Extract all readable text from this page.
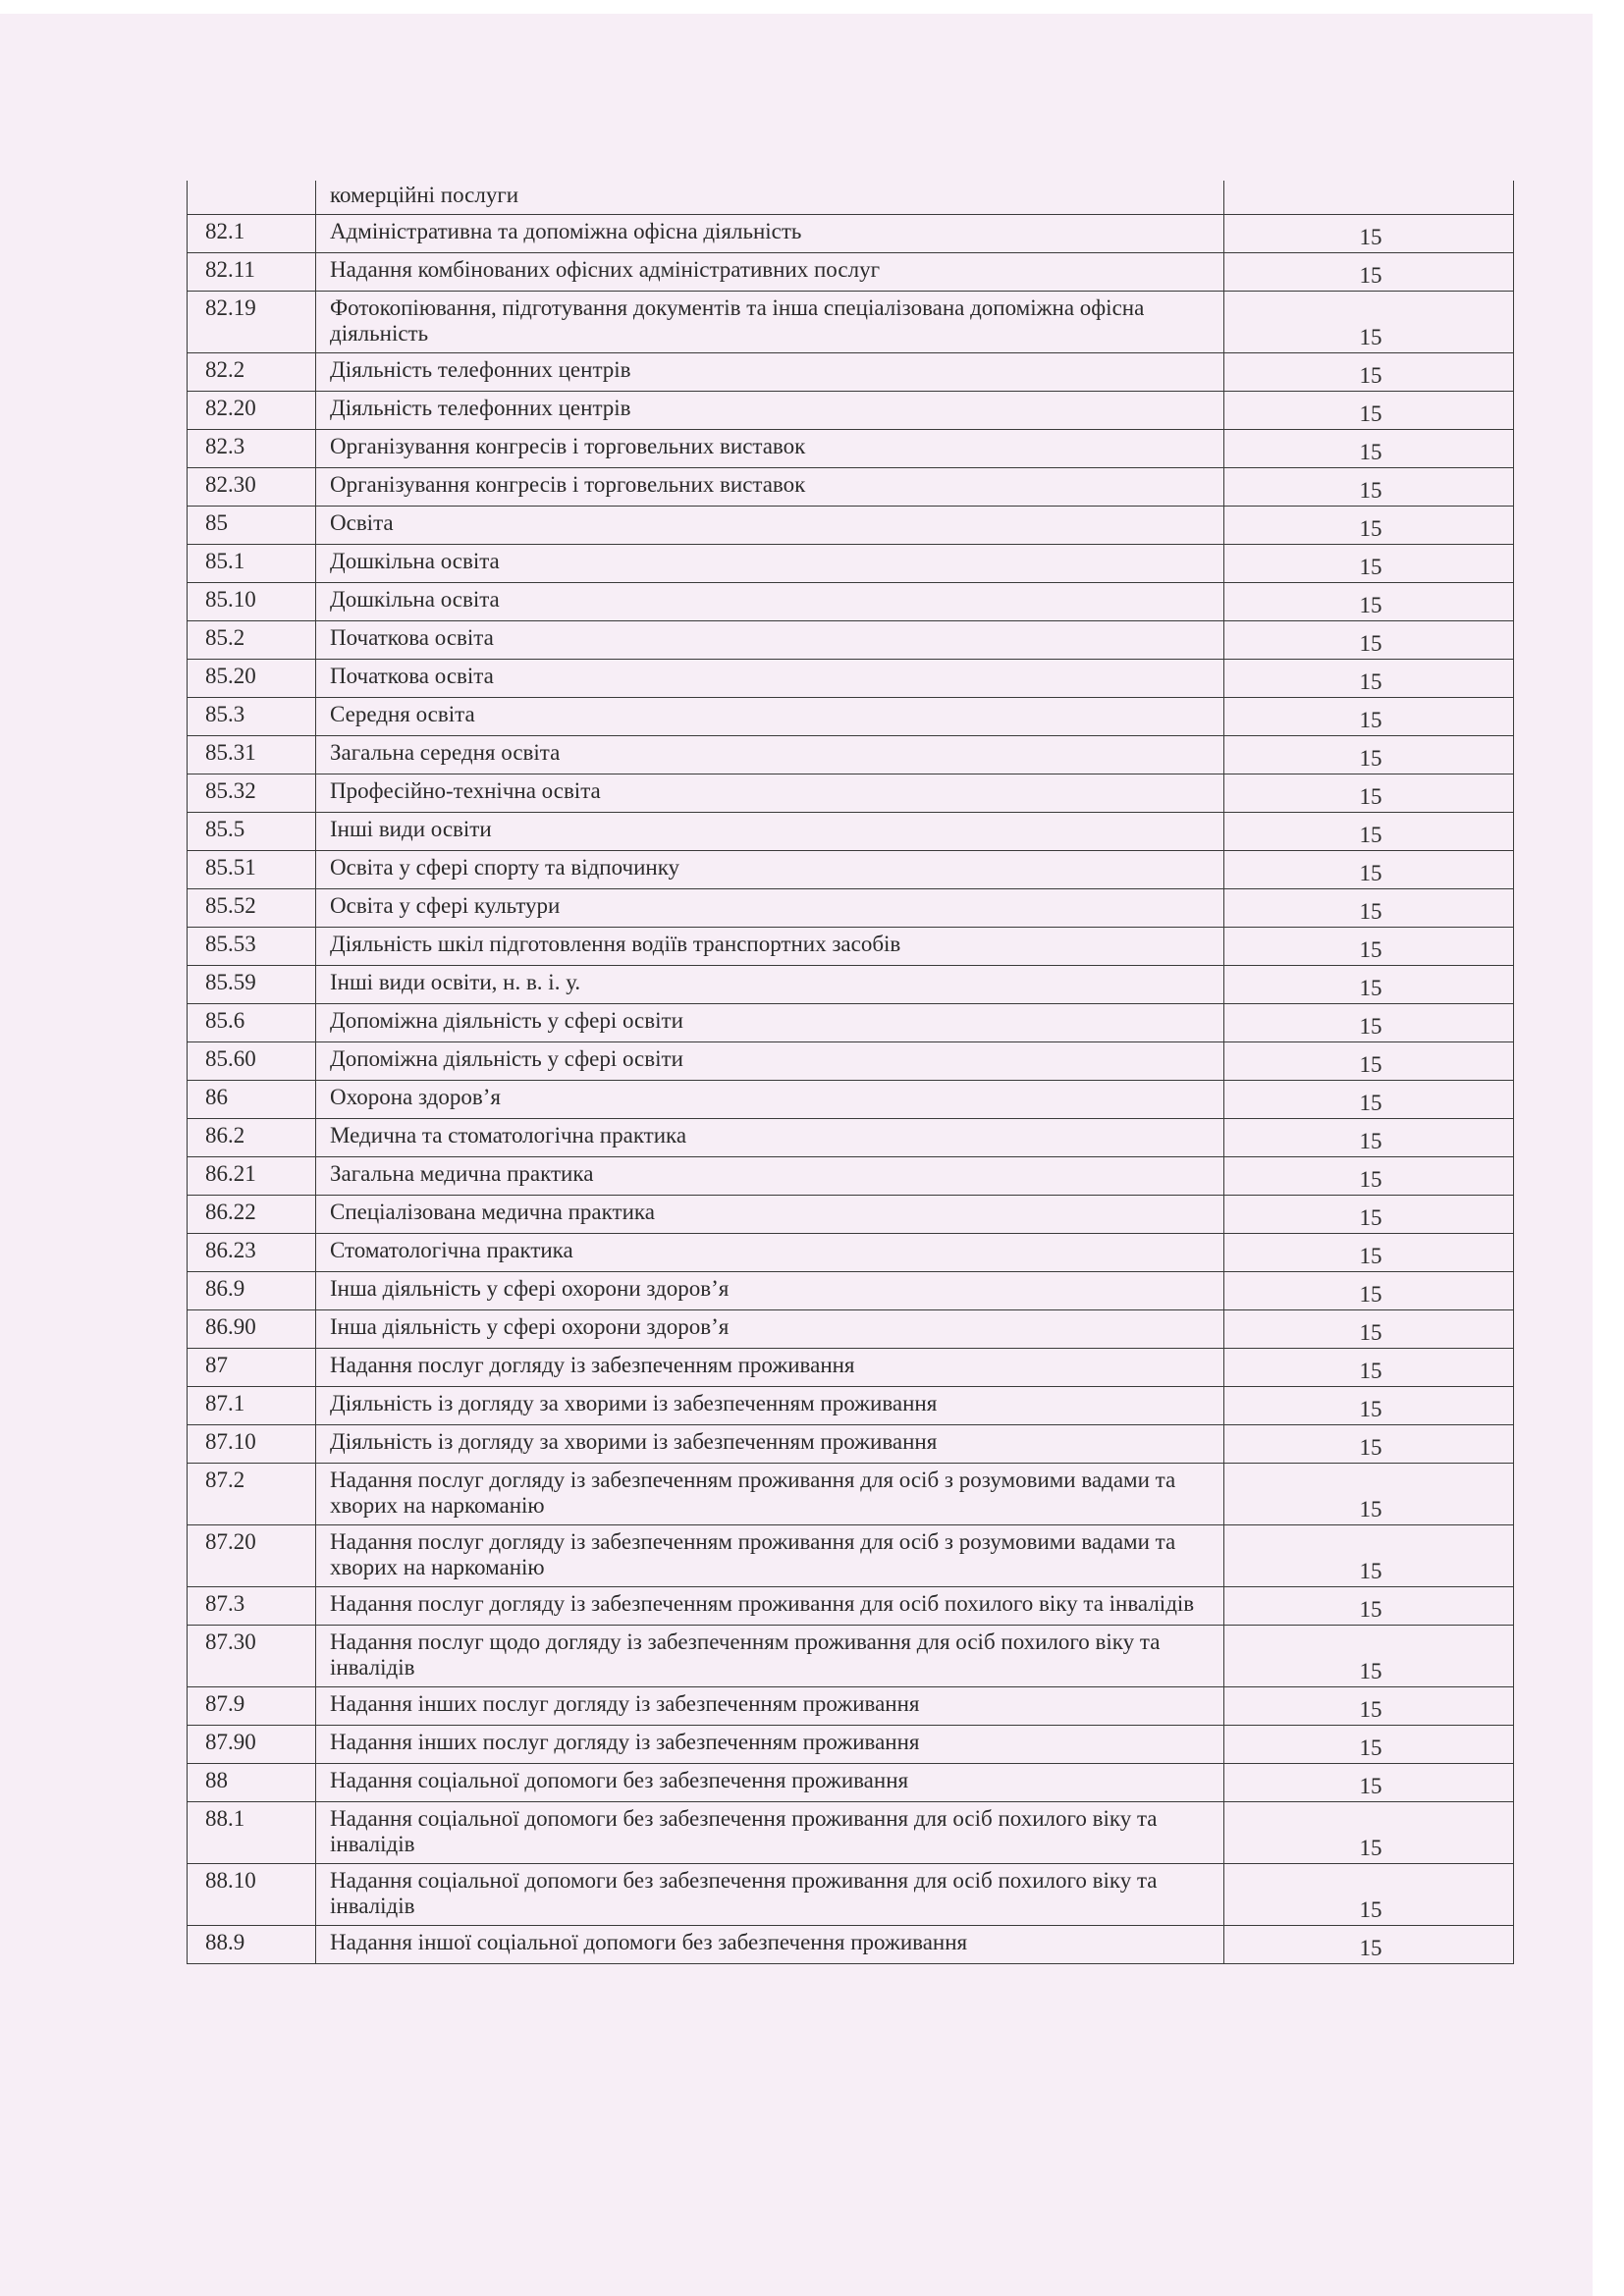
	комерційні послуги	
82.1	Адміністративна та допоміжна офісна діяльність	15
82.11	Надання комбінованих офісних адміністративних послуг	15
82.19	Фотокопіювання, підготування документів та інша спеціалізована допоміжна офісна діяльність	15
82.2	Діяльність телефонних центрів	15
82.20	Діяльність телефонних центрів	15
82.3	Організування конгресів і торговельних виставок	15
82.30	Організування конгресів і торговельних виставок	15
85	Освіта	15
85.1	Дошкільна освіта	15
85.10	Дошкільна освіта	15
85.2	Початкова освіта	15
85.20	Початкова освіта	15
85.3	Середня освіта	15
85.31	Загальна середня освіта	15
85.32	Професійно-технічна освіта	15
85.5	Інші види освіти	15
85.51	Освіта у сфері спорту та відпочинку	15
85.52	Освіта у сфері культури	15
85.53	Діяльність шкіл підготовлення водіїв транспортних засобів	15
85.59	Інші види освіти, н. в. і. у.	15
85.6	Допоміжна діяльність у сфері освіти	15
85.60	Допоміжна діяльність у сфері освіти	15
86	Охорона здоров’я	15
86.2	Медична та стоматологічна практика	15
86.21	Загальна медична практика	15
86.22	Спеціалізована медична практика	15
86.23	Стоматологічна практика	15
86.9	Інша діяльність у сфері охорони здоров’я	15
86.90	Інша діяльність у сфері охорони здоров’я	15
87	Надання послуг догляду із забезпеченням проживання	15
87.1	Діяльність із догляду за хворими із забезпеченням проживання	15
87.10	Діяльність із догляду за хворими із забезпеченням проживання	15
87.2	Надання послуг догляду із забезпеченням проживання для осіб з розумовими вадами та хворих на наркоманію	15
87.20	Надання послуг догляду із забезпеченням проживання для осіб з розумовими вадами та хворих на наркоманію	15
87.3	Надання послуг догляду із забезпеченням проживання для осіб похилого віку та інвалідів	15
87.30	Надання послуг щодо догляду із забезпеченням проживання для осіб похилого віку та інвалідів	15
87.9	Надання інших послуг догляду із забезпеченням проживання	15
87.90	Надання інших послуг догляду із забезпеченням проживання	15
88	Надання соціальної допомоги без забезпечення проживання	15
88.1	Надання соціальної допомоги без забезпечення проживання для осіб похилого віку та інвалідів	15
88.10	Надання соціальної допомоги без забезпечення проживання для осіб похилого віку та інвалідів	15
88.9	Надання іншої соціальної допомоги без забезпечення проживання	15
